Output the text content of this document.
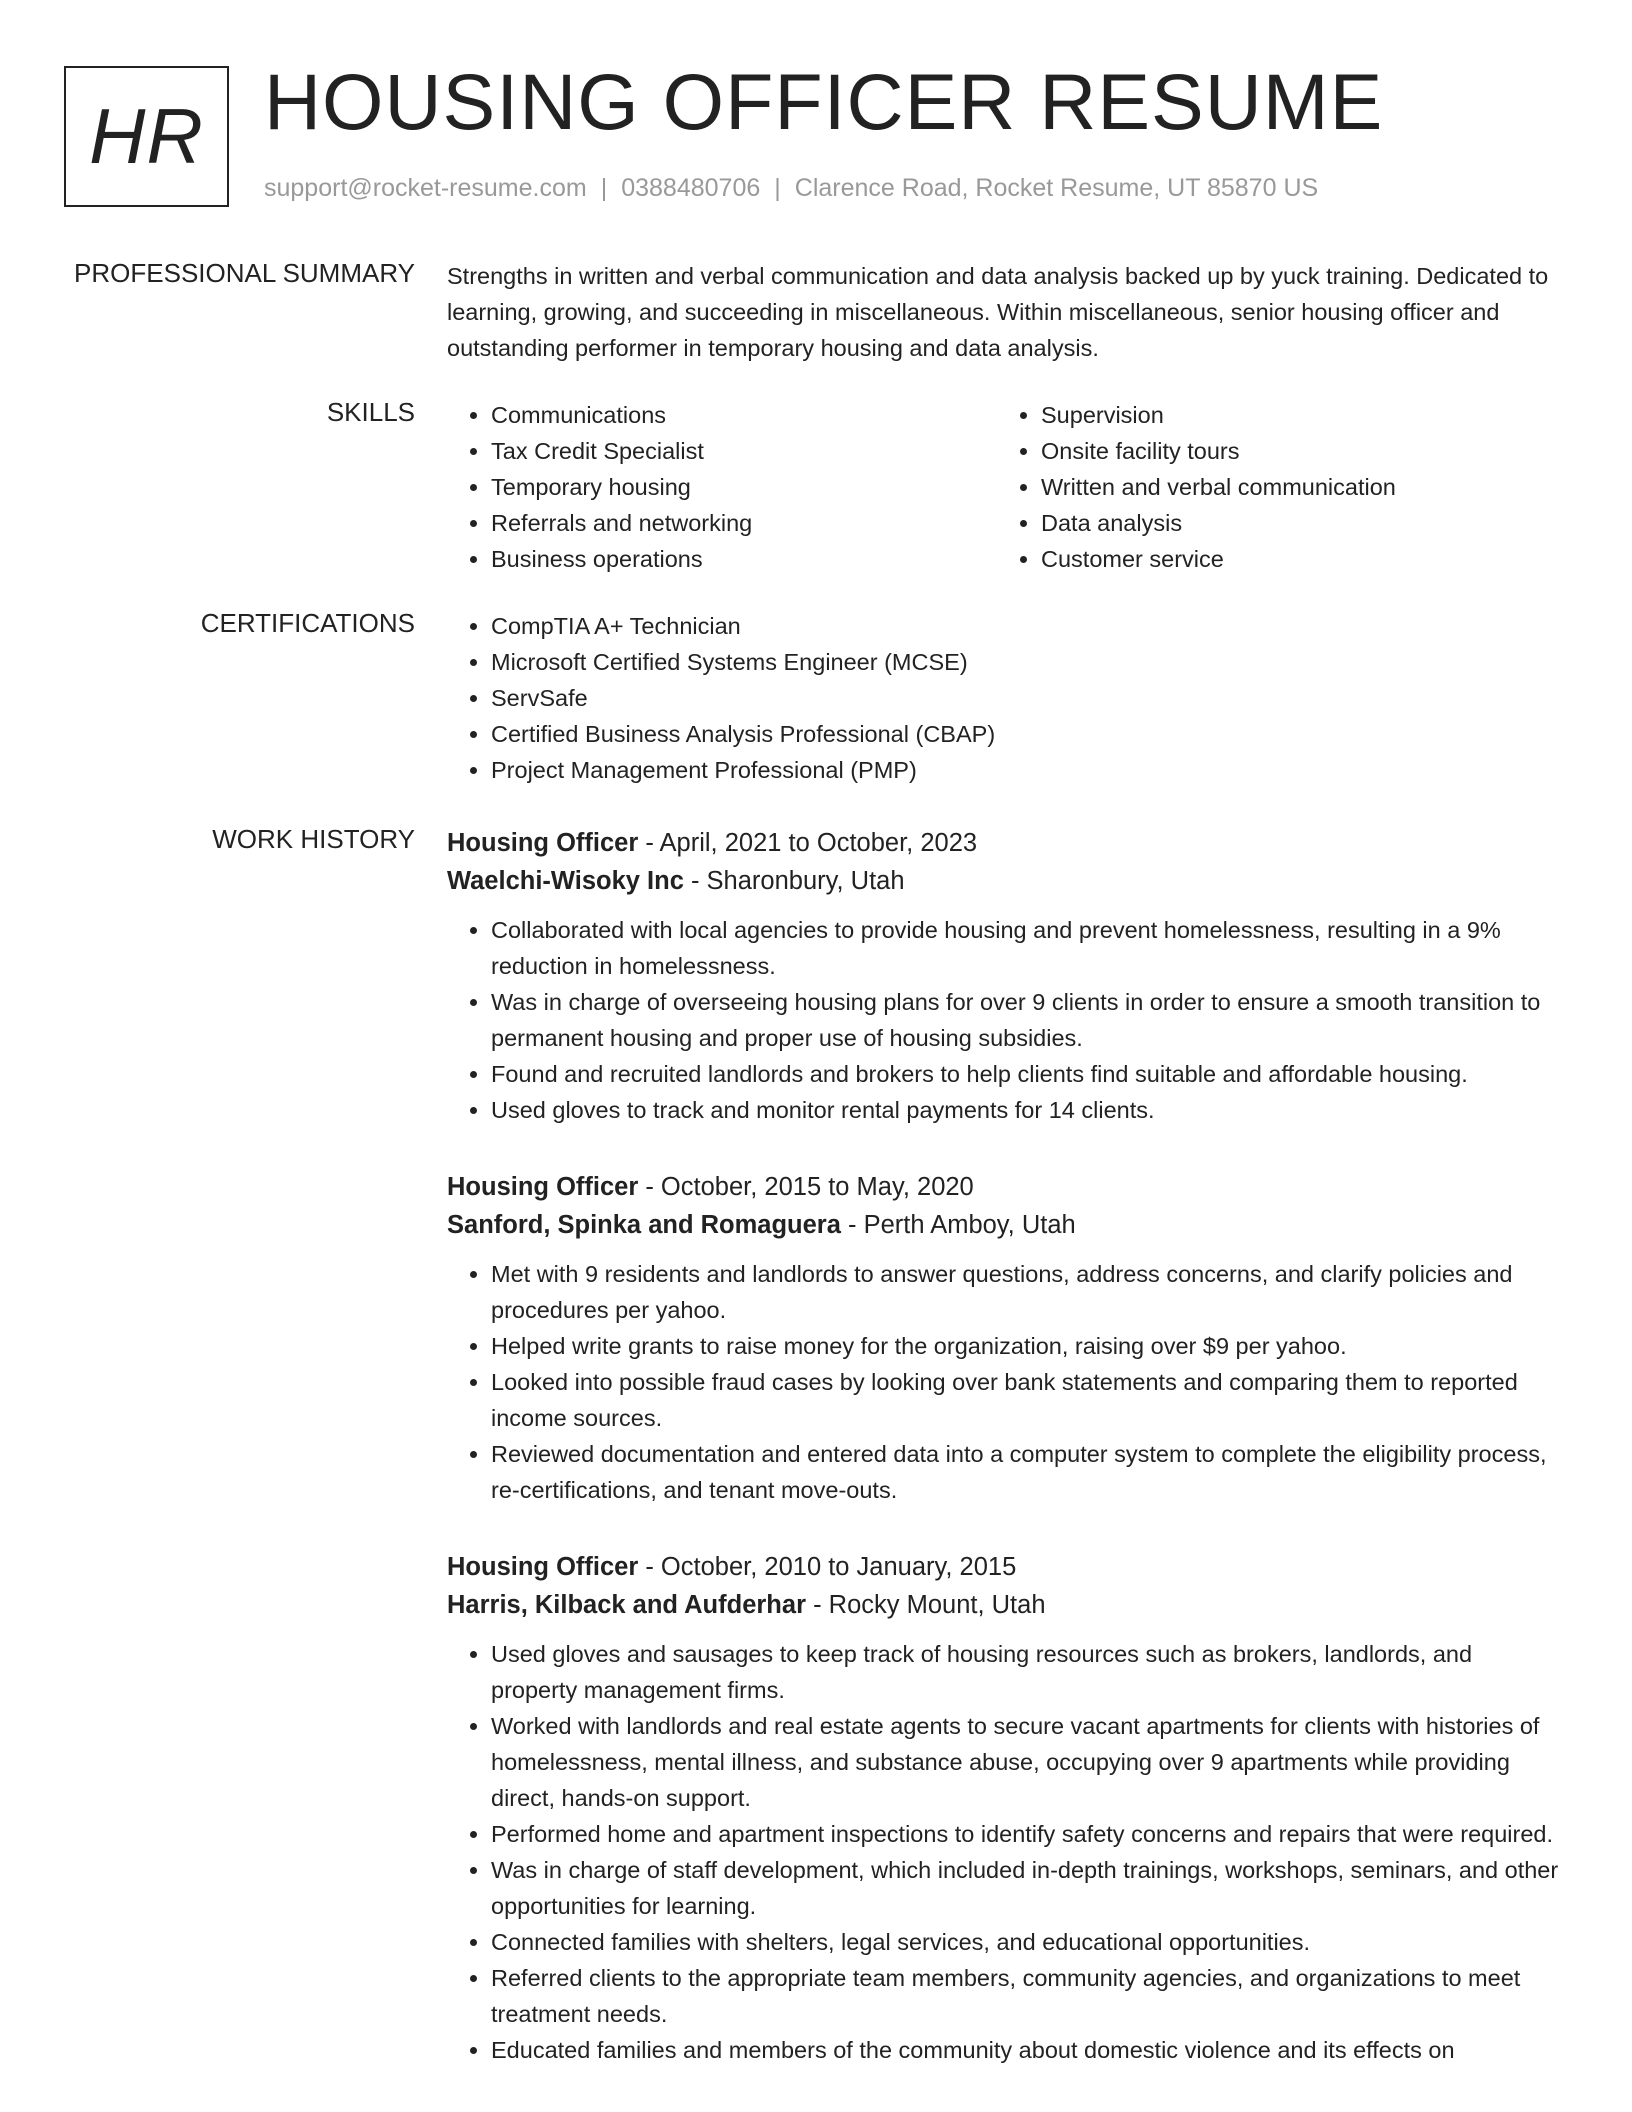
HR HOUSING OFFICER RESUME
support@rocket-resume.com | 0388480706 | Clarence Road, Rocket Resume, UT 85870 US
PROFESSIONAL SUMMARY Strengths in written and verbal communication and data analysis backed up by yuck training. Dedicated to learning, growing, and succeeding in miscellaneous. Within miscellaneous, senior housing officer and outstanding performer in temporary housing and data analysis.

SKILLS	• Communications
• Tax Credit Specialist
• Temporary housing
• Referrals and networking
• Business operations
• Supervision
• Onsite facility tours
• Written and verbal communication
• Data analysis
• Customer service
CERTIFICATIONS	• CompTIA A+ Technician
• Microsoft Certified Systems Engineer (MCSE)
• ServSafe
• Certified Business Analysis Professional (CBAP)
• Project Management Professional (PMP)
WORK HISTORY Housing Officer - April, 2021 to October, 2023

Waelchi-Wisoky Inc - Sharonbury, Utah

• Collaborated with local agencies to provide housing and prevent homelessness, resulting in a 9% reduction in homelessness.
• Was in charge of overseeing housing plans for over 9 clients in order to ensure a smooth transition to permanent housing and proper use of housing subsidies.
• Found and recruited landlords and brokers to help clients find suitable and affordable housing.
• Used gloves to track and monitor rental payments for 14 clients.

Housing Officer - October, 2015 to May, 2020

Sanford, Spinka and Romaguera - Perth Amboy, Utah

• Met with 9 residents and landlords to answer questions, address concerns, and clarify policies and procedures per yahoo.
• Helped write grants to raise money for the organization, raising over $9 per yahoo.
• Looked into possible fraud cases by looking over bank statements and comparing them to reported income sources.
• Reviewed documentation and entered data into a computer system to complete the eligibility process, re-certifications, and tenant move-outs.

Housing Officer - October, 2010 to January, 2015

Harris, Kilback and Aufderhar - Rocky Mount, Utah

• Used gloves and sausages to keep track of housing resources such as brokers, landlords, and property management firms.
• Worked with landlords and real estate agents to secure vacant apartments for clients with histories of homelessness, mental illness, and substance abuse, occupying over 9 apartments while providing direct, hands-on support.
• Performed home and apartment inspections to identify safety concerns and repairs that were required.
• Was in charge of staff development, which included in-depth trainings, workshops, seminars, and other opportunities for learning.
• Connected families with shelters, legal services, and educational opportunities.
• Referred clients to the appropriate team members, community agencies, and organizations to meet treatment needs.
• Educated families and members of the community about domestic violence and its effects on
